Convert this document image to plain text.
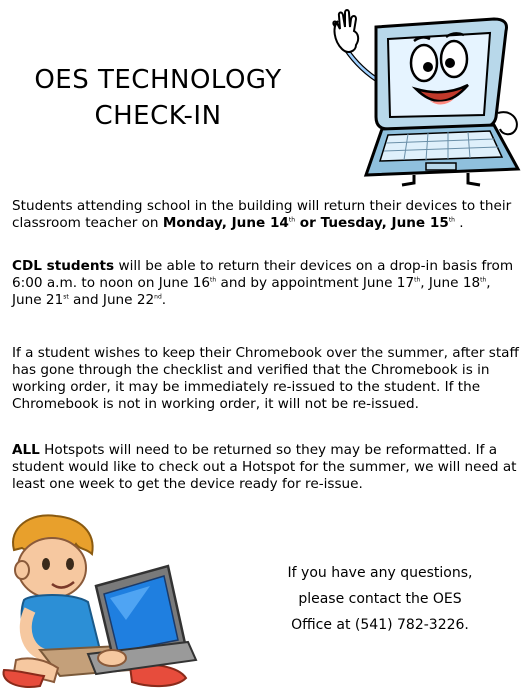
OES TECHNOLOGY
CHECK-IN

Students attending school in the building will return their devices to their classroom teacher on Monday, June 14th or Tuesday, June 15th .

CDL students will be able to return their devices on a drop-in basis from 6:00 a.m. to noon on June 16th and by appointment June 17th, June 18th, June 21st and June 22nd.

If a student wishes to keep their Chromebook over the summer, after staff has gone through the checklist and verified that the Chromebook is in working order, it may be immediately re-issued to the student. If the Chromebook is not in working order, it will not be re-issued.

ALL Hotspots will need to be returned so they may be reformatted. If a student would like to check out a Hotspot for the summer, we will need at least one week to get the device ready for re-issue.

If you have any questions,
please contact the OES
Office at (541) 782-3226.
